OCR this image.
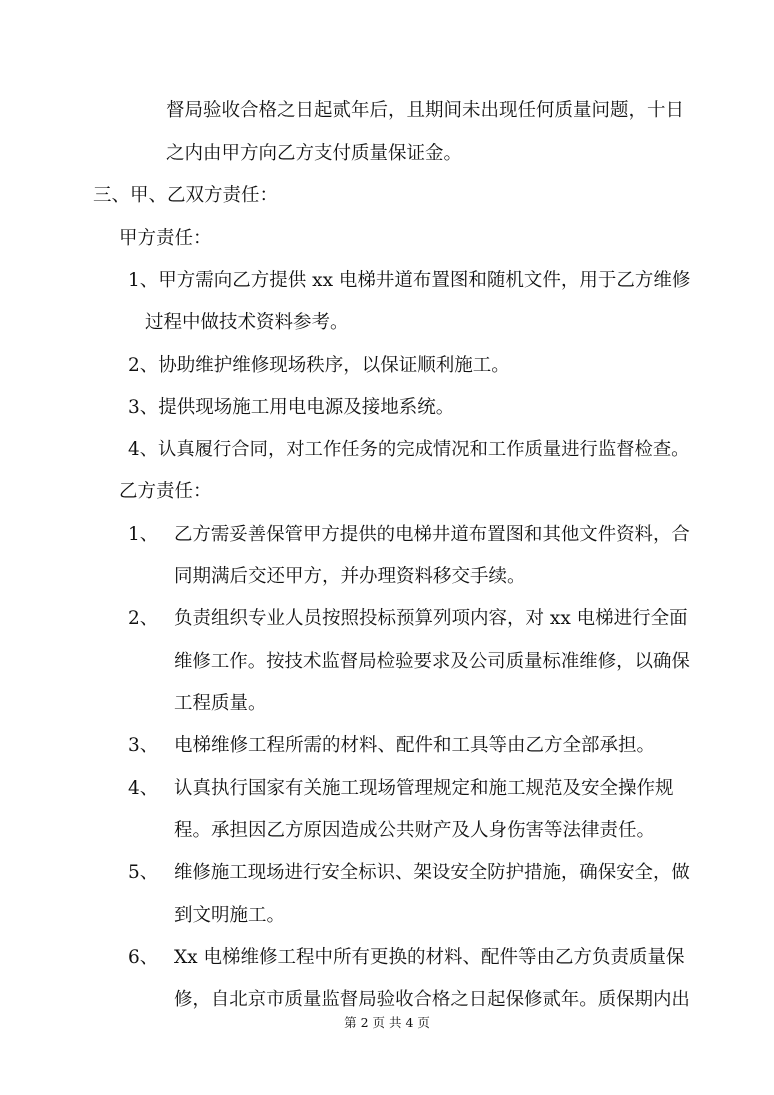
督局验收合格之日起贰年后，且期间未出现任何质量问题，十日
之内由甲方向乙方支付质量保证金。
三、甲、乙双方责任：
甲方责任：
1、甲方需向乙方提供 xx 电梯井道布置图和随机文件，用于乙方维修
过程中做技术资料参考。
2、协助维护维修现场秩序，以保证顺利施工。
3、提供现场施工用电电源及接地系统。
4、认真履行合同，对工作任务的完成情况和工作质量进行监督检查。
乙方责任：
1、 乙方需妥善保管甲方提供的电梯井道布置图和其他文件资料，合
同期满后交还甲方，并办理资料移交手续。
2、 负责组织专业人员按照投标预算列项内容，对 xx 电梯进行全面
维修工作。按技术监督局检验要求及公司质量标准维修，以确保
工程质量。
3、 电梯维修工程所需的材料、配件和工具等由乙方全部承担。
4、 认真执行国家有关施工现场管理规定和施工规范及安全操作规
程。承担因乙方原因造成公共财产及人身伤害等法律责任。
5、 维修施工现场进行安全标识、架设安全防护措施，确保安全，做
到文明施工。
6、 Xx 电梯维修工程中所有更换的材料、配件等由乙方负责质量保
修，自北京市质量监督局验收合格之日起保修贰年。质保期内出
第 2 页 共 4 页
